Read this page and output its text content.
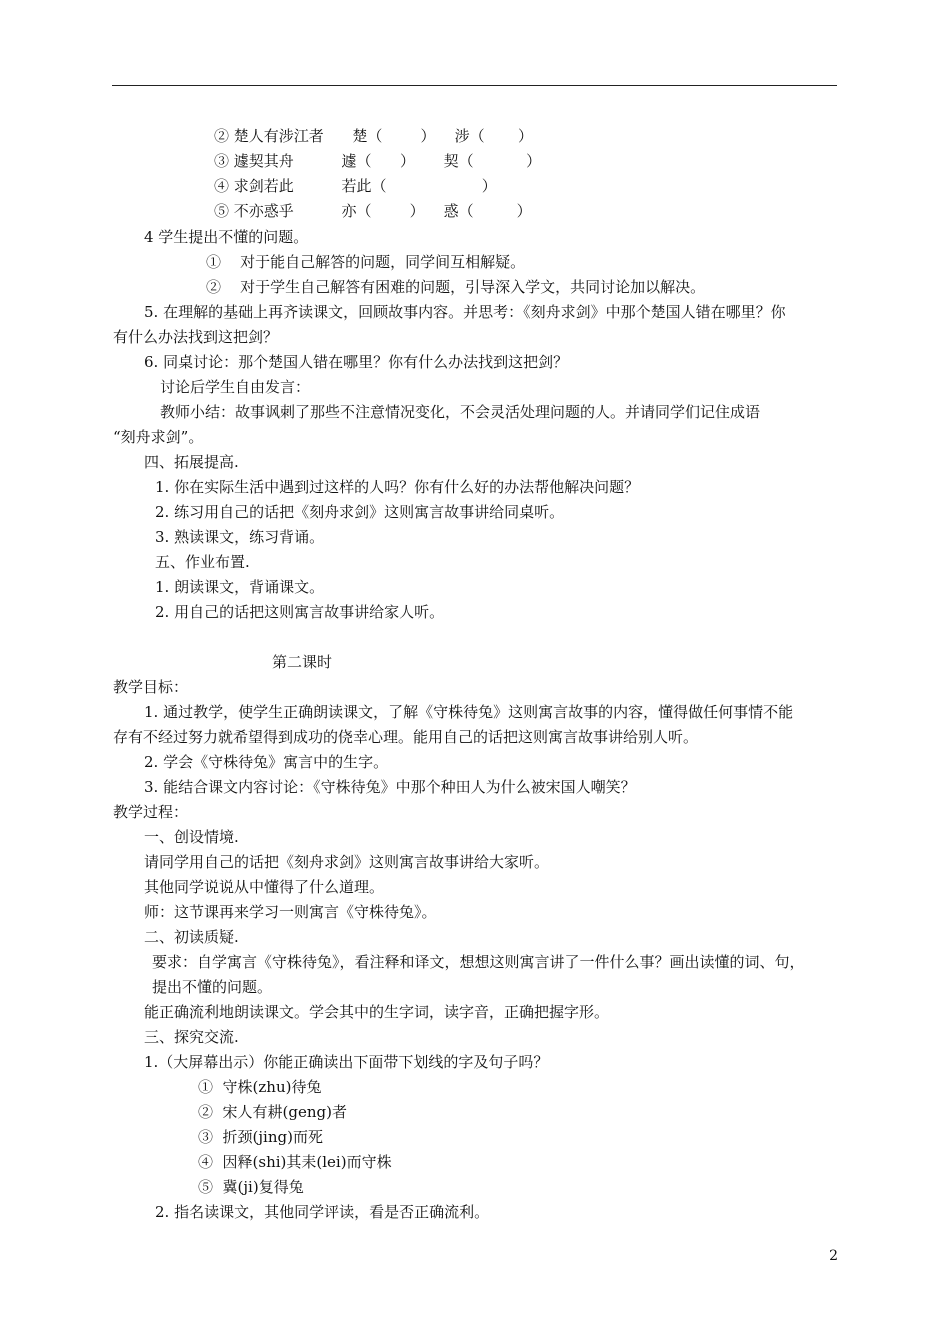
② 楚人有涉江者      楚（        ）    涉（       ）
③ 遽契其舟          遽（      ）      契（           ）
④ 求剑若此          若此（                    ）
⑤ 不亦惑乎          亦（        ）    惑（         ）
4 学生提出不懂的问题。
①    对于能自己解答的问题，同学间互相解疑。
②    对于学生自己解答有困难的问题，引导深入学文，共同讨论加以解决。
5. 在理解的基础上再齐读课文，回顾故事内容。并思考：《刻舟求剑》中那个楚国人错在哪里？你
有什么办法找到这把剑？
6. 同桌讨论：那个楚国人错在哪里？你有什么办法找到这把剑？
讨论后学生自由发言：
教师小结：故事讽刺了那些不注意情况变化，不会灵活处理问题的人。并请同学们记住成语
“刻舟求剑”。
四、拓展提高.
1. 你在实际生活中遇到过这样的人吗？你有什么好的办法帮他解决问题？
2. 练习用自己的话把《刻舟求剑》这则寓言故事讲给同桌听。
3. 熟读课文，练习背诵。
五、作业布置.
1. 朗读课文，背诵课文。
2. 用自己的话把这则寓言故事讲给家人听。
第二课时
教学目标：
1. 通过教学，使学生正确朗读课文，了解《守株待兔》这则寓言故事的内容，懂得做任何事情不能
存有不经过努力就希望得到成功的侥幸心理。能用自己的话把这则寓言故事讲给别人听。
2. 学会《守株待兔》寓言中的生字。
3. 能结合课文内容讨论：《守株待兔》中那个种田人为什么被宋国人嘲笑？
教学过程：
一、创设情境.
请同学用自己的话把《刻舟求剑》这则寓言故事讲给大家听。
其他同学说说从中懂得了什么道理。
师：这节课再来学习一则寓言《守株待兔》。
二、初读质疑.
要求：自学寓言《守株待兔》，看注释和译文，想想这则寓言讲了一件什么事？画出读懂的词、句，
提出不懂的问题。
能正确流利地朗读课文。学会其中的生字词，读字音，正确把握字形。
三、探究交流.
1.（大屏幕出示）你能正确读出下面带下划线的字及句子吗？
①  守株(zhu)待兔
②  宋人有耕(geng)者
③  折颈(jing)而死
④  因释(shi)其耒(lei)而守株
⑤  冀(ji)复得兔
2. 指名读课文，其他同学评读，看是否正确流利。
2
